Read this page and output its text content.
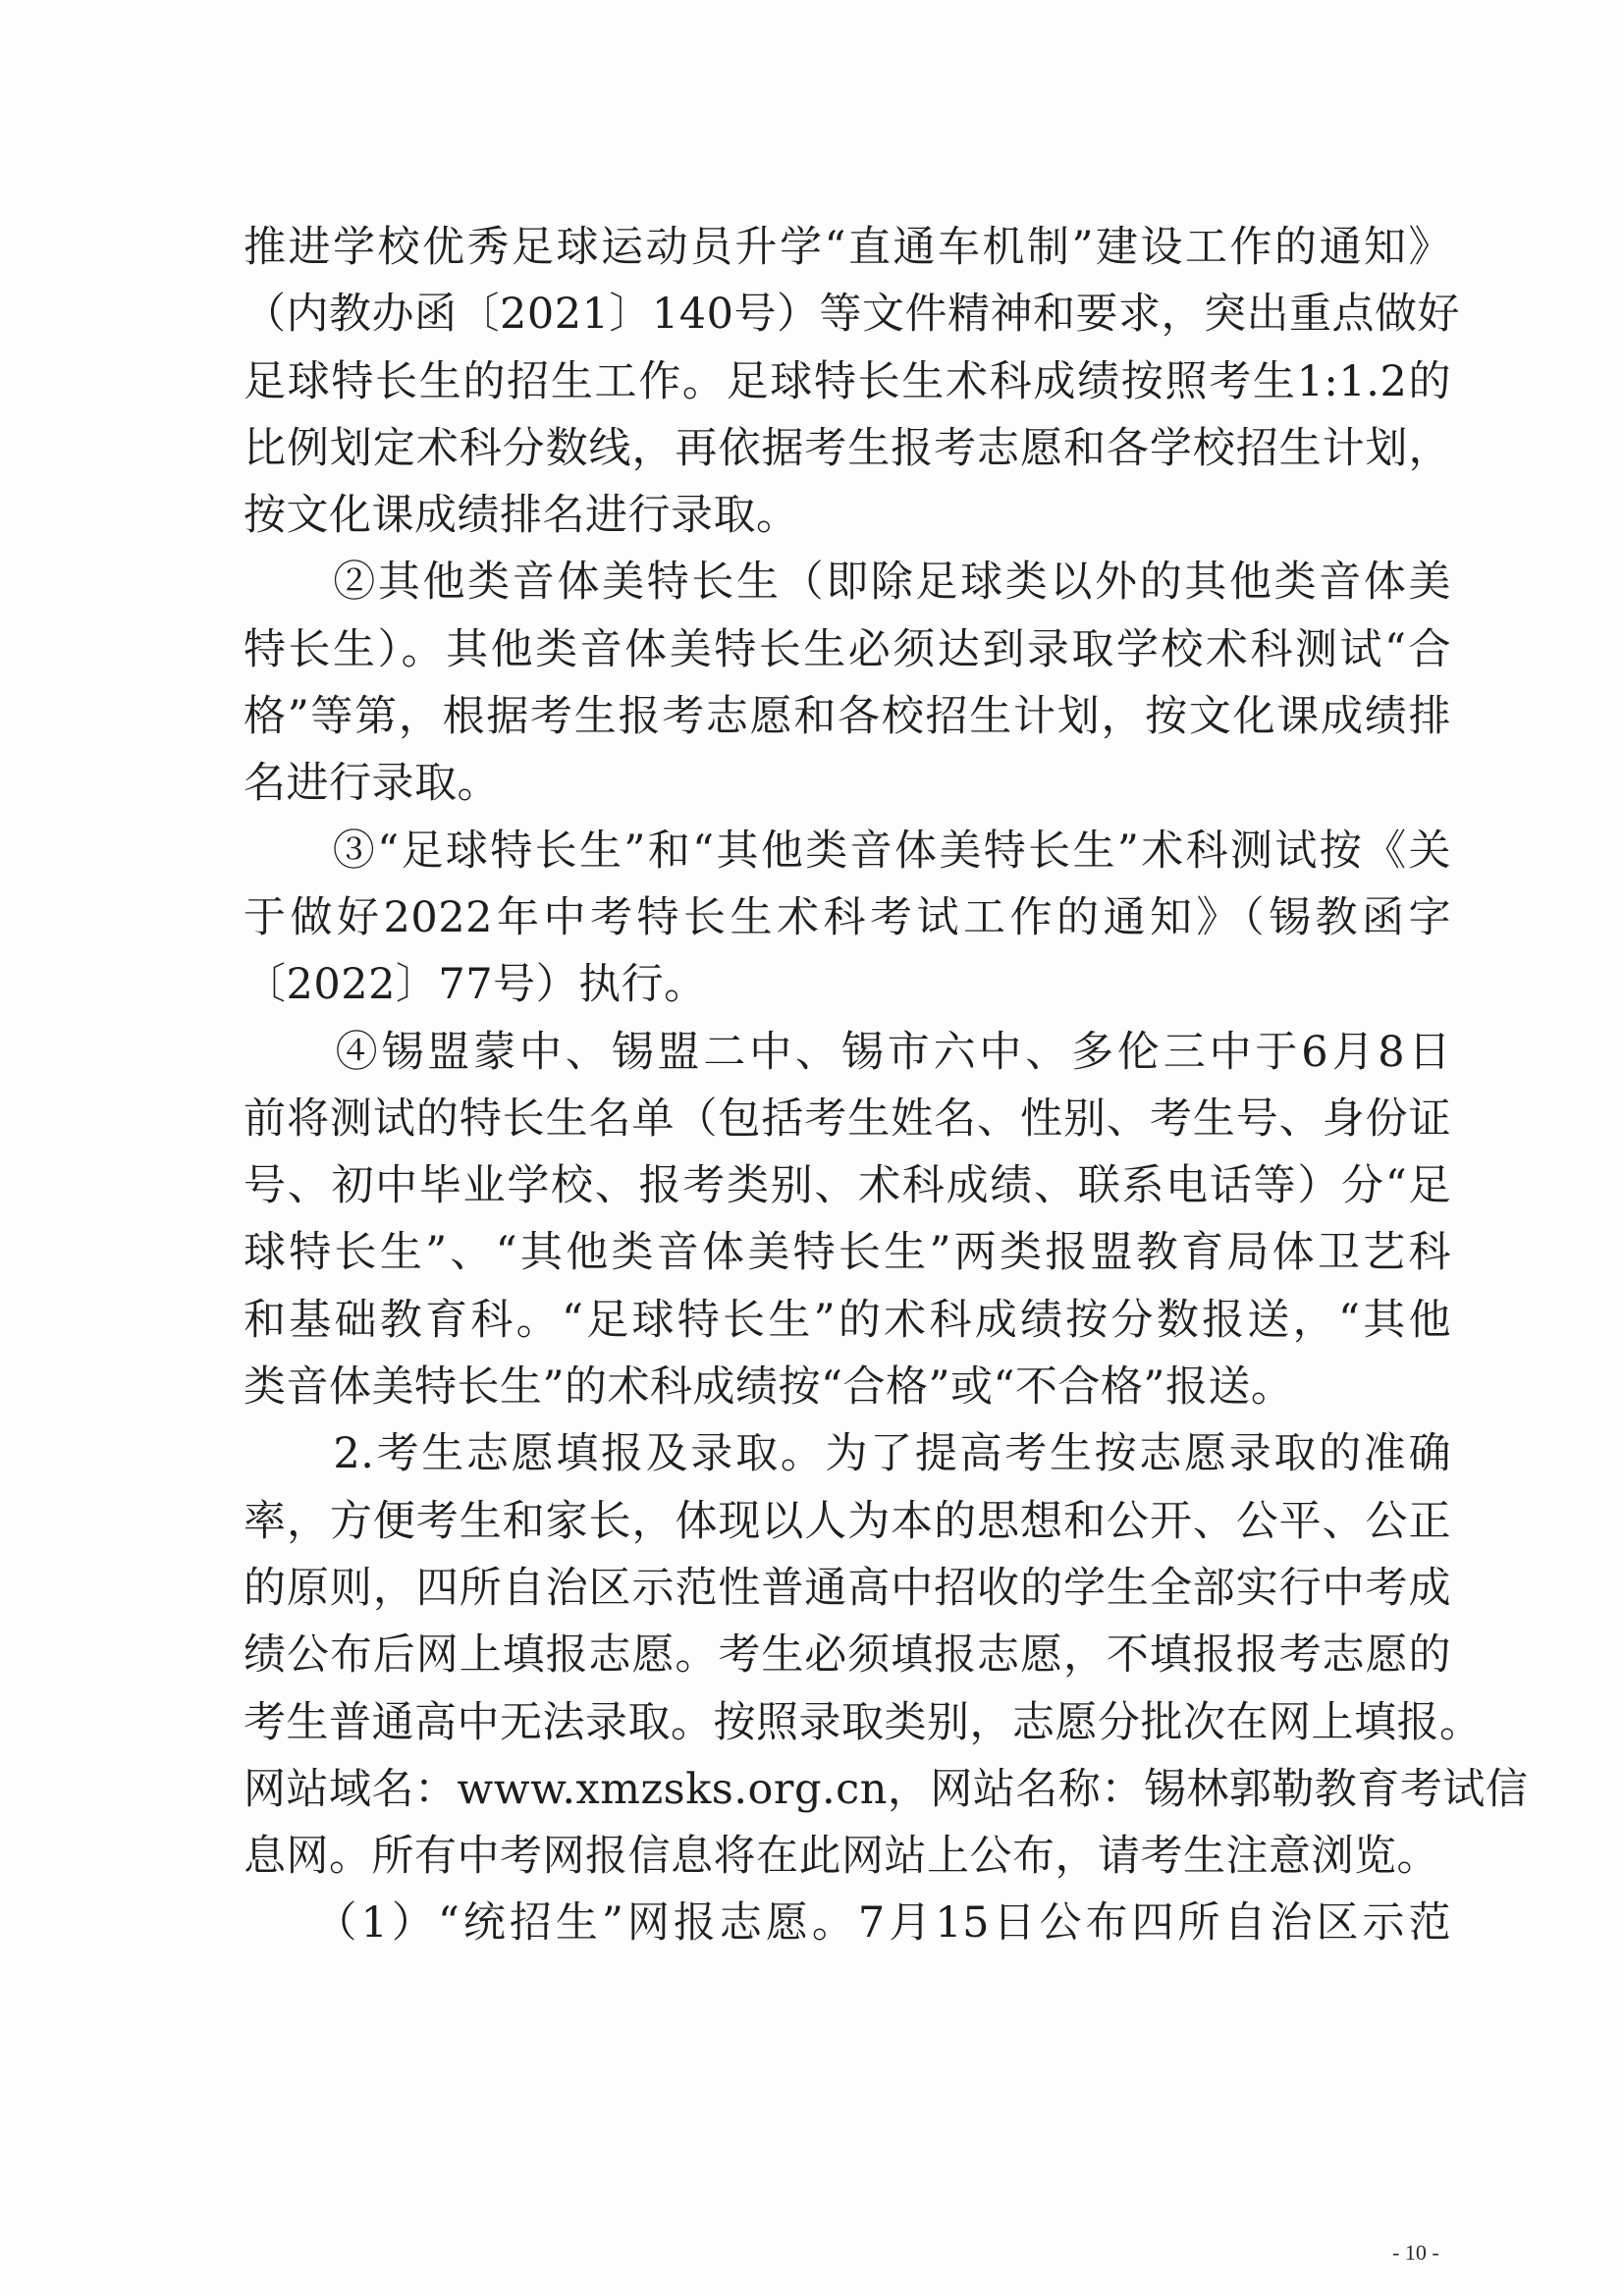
推进学校优秀足球运动员升学“直通车机制”建设工作的通知》
（内教办函〔2021〕140号）等文件精神和要求，突出重点做好
足球特长生的招生工作。足球特长生术科成绩按照考生1:1.2的
比例划定术科分数线，再依据考生报考志愿和各学校招生计划，
按文化课成绩排名进行录取。
　　②其他类音体美特长生（即除足球类以外的其他类音体美
特长生）。其他类音体美特长生必须达到录取学校术科测试“合
格”等第，根据考生报考志愿和各校招生计划，按文化课成绩排
名进行录取。
　　③“足球特长生”和“其他类音体美特长生”术科测试按《关
于做好2022年中考特长生术科考试工作的通知》（锡教函字
〔2022〕77号）执行。
　　④锡盟蒙中、锡盟二中、锡市六中、多伦三中于6月8日
前将测试的特长生名单（包括考生姓名、性别、考生号、身份证
号、初中毕业学校、报考类别、术科成绩、联系电话等）分“足
球特长生”、“其他类音体美特长生”两类报盟教育局体卫艺科
和基础教育科。“足球特长生”的术科成绩按分数报送，“其他
类音体美特长生”的术科成绩按“合格”或“不合格”报送。
　　2.考生志愿填报及录取。为了提高考生按志愿录取的准确
率，方便考生和家长，体现以人为本的思想和公开、公平、公正
的原则，四所自治区示范性普通高中招收的学生全部实行中考成
绩公布后网上填报志愿。考生必须填报志愿，不填报报考志愿的
考生普通高中无法录取。按照录取类别，志愿分批次在网上填报。
网站域名：www.xmzsks.org.cn，网站名称：锡林郭勒教育考试信
息网。所有中考网报信息将在此网站上公布，请考生注意浏览。
　　（1）“统招生”网报志愿。7月15日公布四所自治区示范
- 10 -
